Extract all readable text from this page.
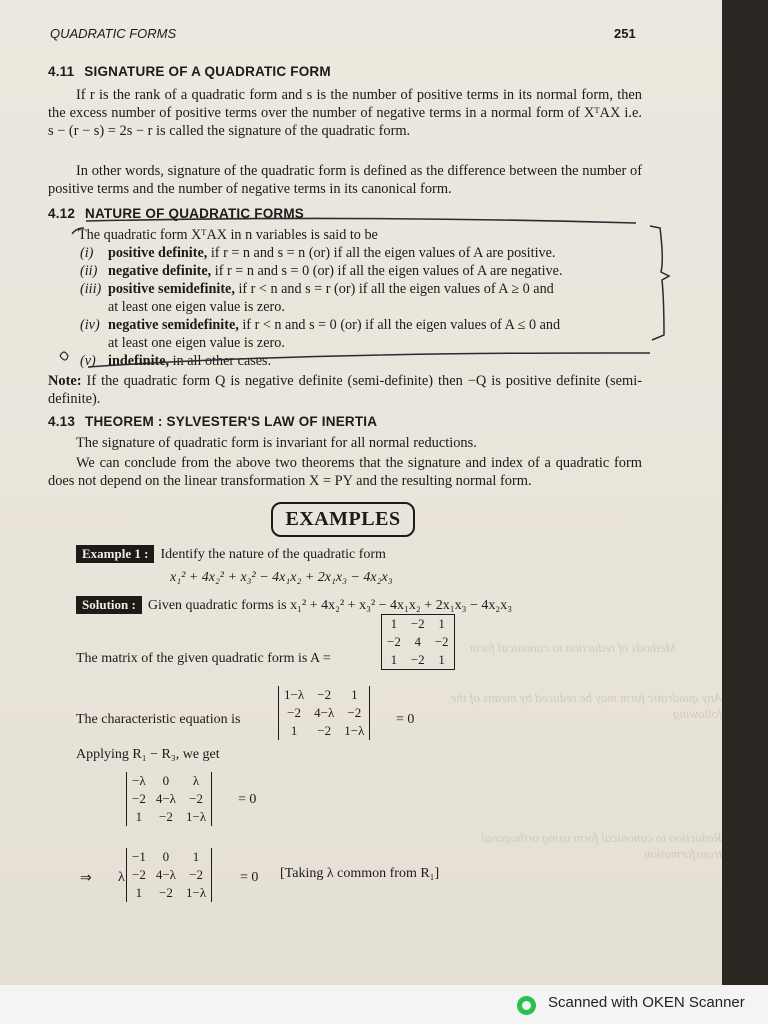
QUADRATIC FORMS	251
4.11 SIGNATURE OF A QUADRATIC FORM
If r is the rank of a quadratic form and s is the number of positive terms in its normal form, then the excess number of positive terms over the number of negative terms in a normal form of XᵀAX i.e. s − (r − s) = 2s − r is called the signature of the quadratic form.
In other words, signature of the quadratic form is defined as the difference between the number of positive terms and the number of negative terms in its canonical form.
4.12 NATURE OF QUADRATIC FORMS
The quadratic form XᵀAX in n variables is said to be
(i) positive definite, if r = n and s = n (or) if all the eigen values of A are positive.
(ii) negative definite, if r = n and s = 0 (or) if all the eigen values of A are negative.
(iii) positive semidefinite, if r < n and s = r (or) if all the eigen values of A ≥ 0 and
at least one eigen value is zero.
(iv) negative semidefinite, if r < n and s = 0 (or) if all the eigen values of A ≤ 0 and
at least one eigen value is zero.
(v) indefinite, in all other cases.
Note: If the quadratic form Q is negative definite (semi-definite) then −Q is positive definite (semi-definite).
4.13 THEOREM : SYLVESTER'S LAW OF INERTIA
The signature of quadratic form is invariant for all normal reductions.
We can conclude from the above two theorems that the signature and index of a quadratic form does not depend on the linear transformation X = PY and the resulting normal form.
EXAMPLES
Example 1 : Identify the nature of the quadratic form
x₁² + 4x₂² + x₃² − 4x₁x₂ + 2x₁x₃ − 4x₂x₃
Solution : Given quadratic forms is x₁² + 4x₂² + x₃² − 4x₁x₂ + 2x₁x₃ − 4x₂x₃
The matrix of the given quadratic form is A =
1	−2	1
−2	4	−2
1	−2	1
The characteristic equation is
1−λ	−2	1
−2	4−λ	−2
1	−2	1−λ
= 0
Applying R₁ − R₃, we get
−λ	0	λ
−2	4−λ	−2
1	−2	1−λ
= 0
⇒ λ
−1	0	1
−2	4−λ	−2
1	−2	1−λ
= 0 [Taking λ common from R₁]
Methods of reduction to canonical form
Any quadratic form may be reduced by means of the following
Reduction to canonical form using orthogonal transformation
Scanned with OKEN Scanner
